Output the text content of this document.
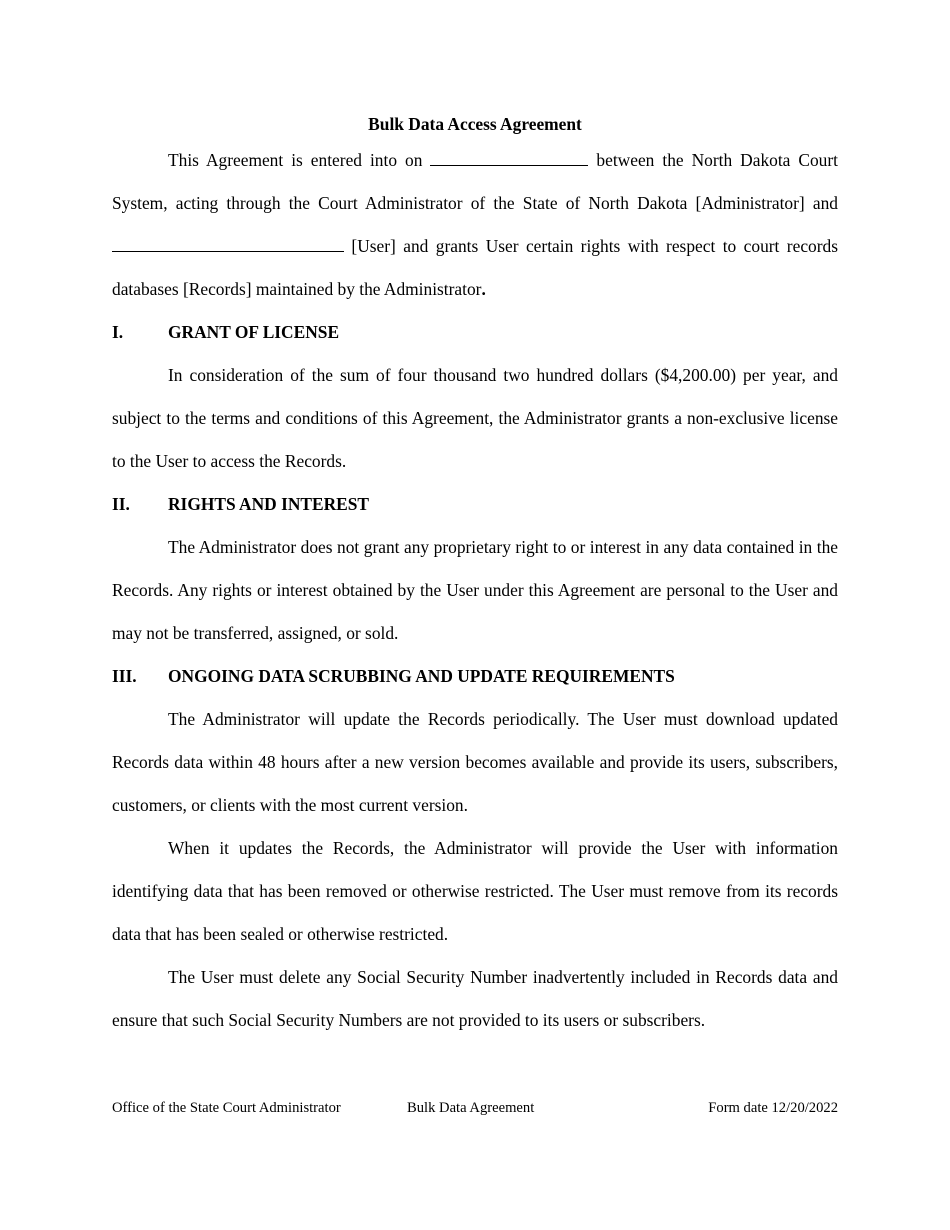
Bulk Data Access Agreement

This Agreement is entered into on	between the North Dakota Court System, acting through the Court Administrator of the State of North Dakota [Administrator] and  [User] and grants User certain rights with respect to court records databases [Records] maintained by the Administrator.

I.	GRANT OF LICENSE

In consideration of the sum of four thousand two hundred dollars ($4,200.00) per year, and subject to the terms and conditions of this Agreement, the Administrator grants a non-exclusive license to the User to access the Records.

II.	RIGHTS AND INTEREST

The Administrator does not grant any proprietary right to or interest in any data contained in the Records. Any rights or interest obtained by the User under this Agreement are personal to the User and may not be transferred, assigned, or sold.

III.	ONGOING DATA SCRUBBING AND UPDATE REQUIREMENTS

The Administrator will update the Records periodically. The User must download updated Records data within 48 hours after a new version becomes available and provide its users, subscribers, customers, or clients with the most current version.

When it updates the Records, the Administrator will provide the User with information identifying data that has been removed or otherwise restricted. The User must remove from its records data that has been sealed or otherwise restricted.

The User must delete any Social Security Number inadvertently included in Records data and ensure that such Social Security Numbers are not provided to its users or subscribers.

Office of the State Court Administrator	Bulk Data Agreement	Form date 12/20/2022
